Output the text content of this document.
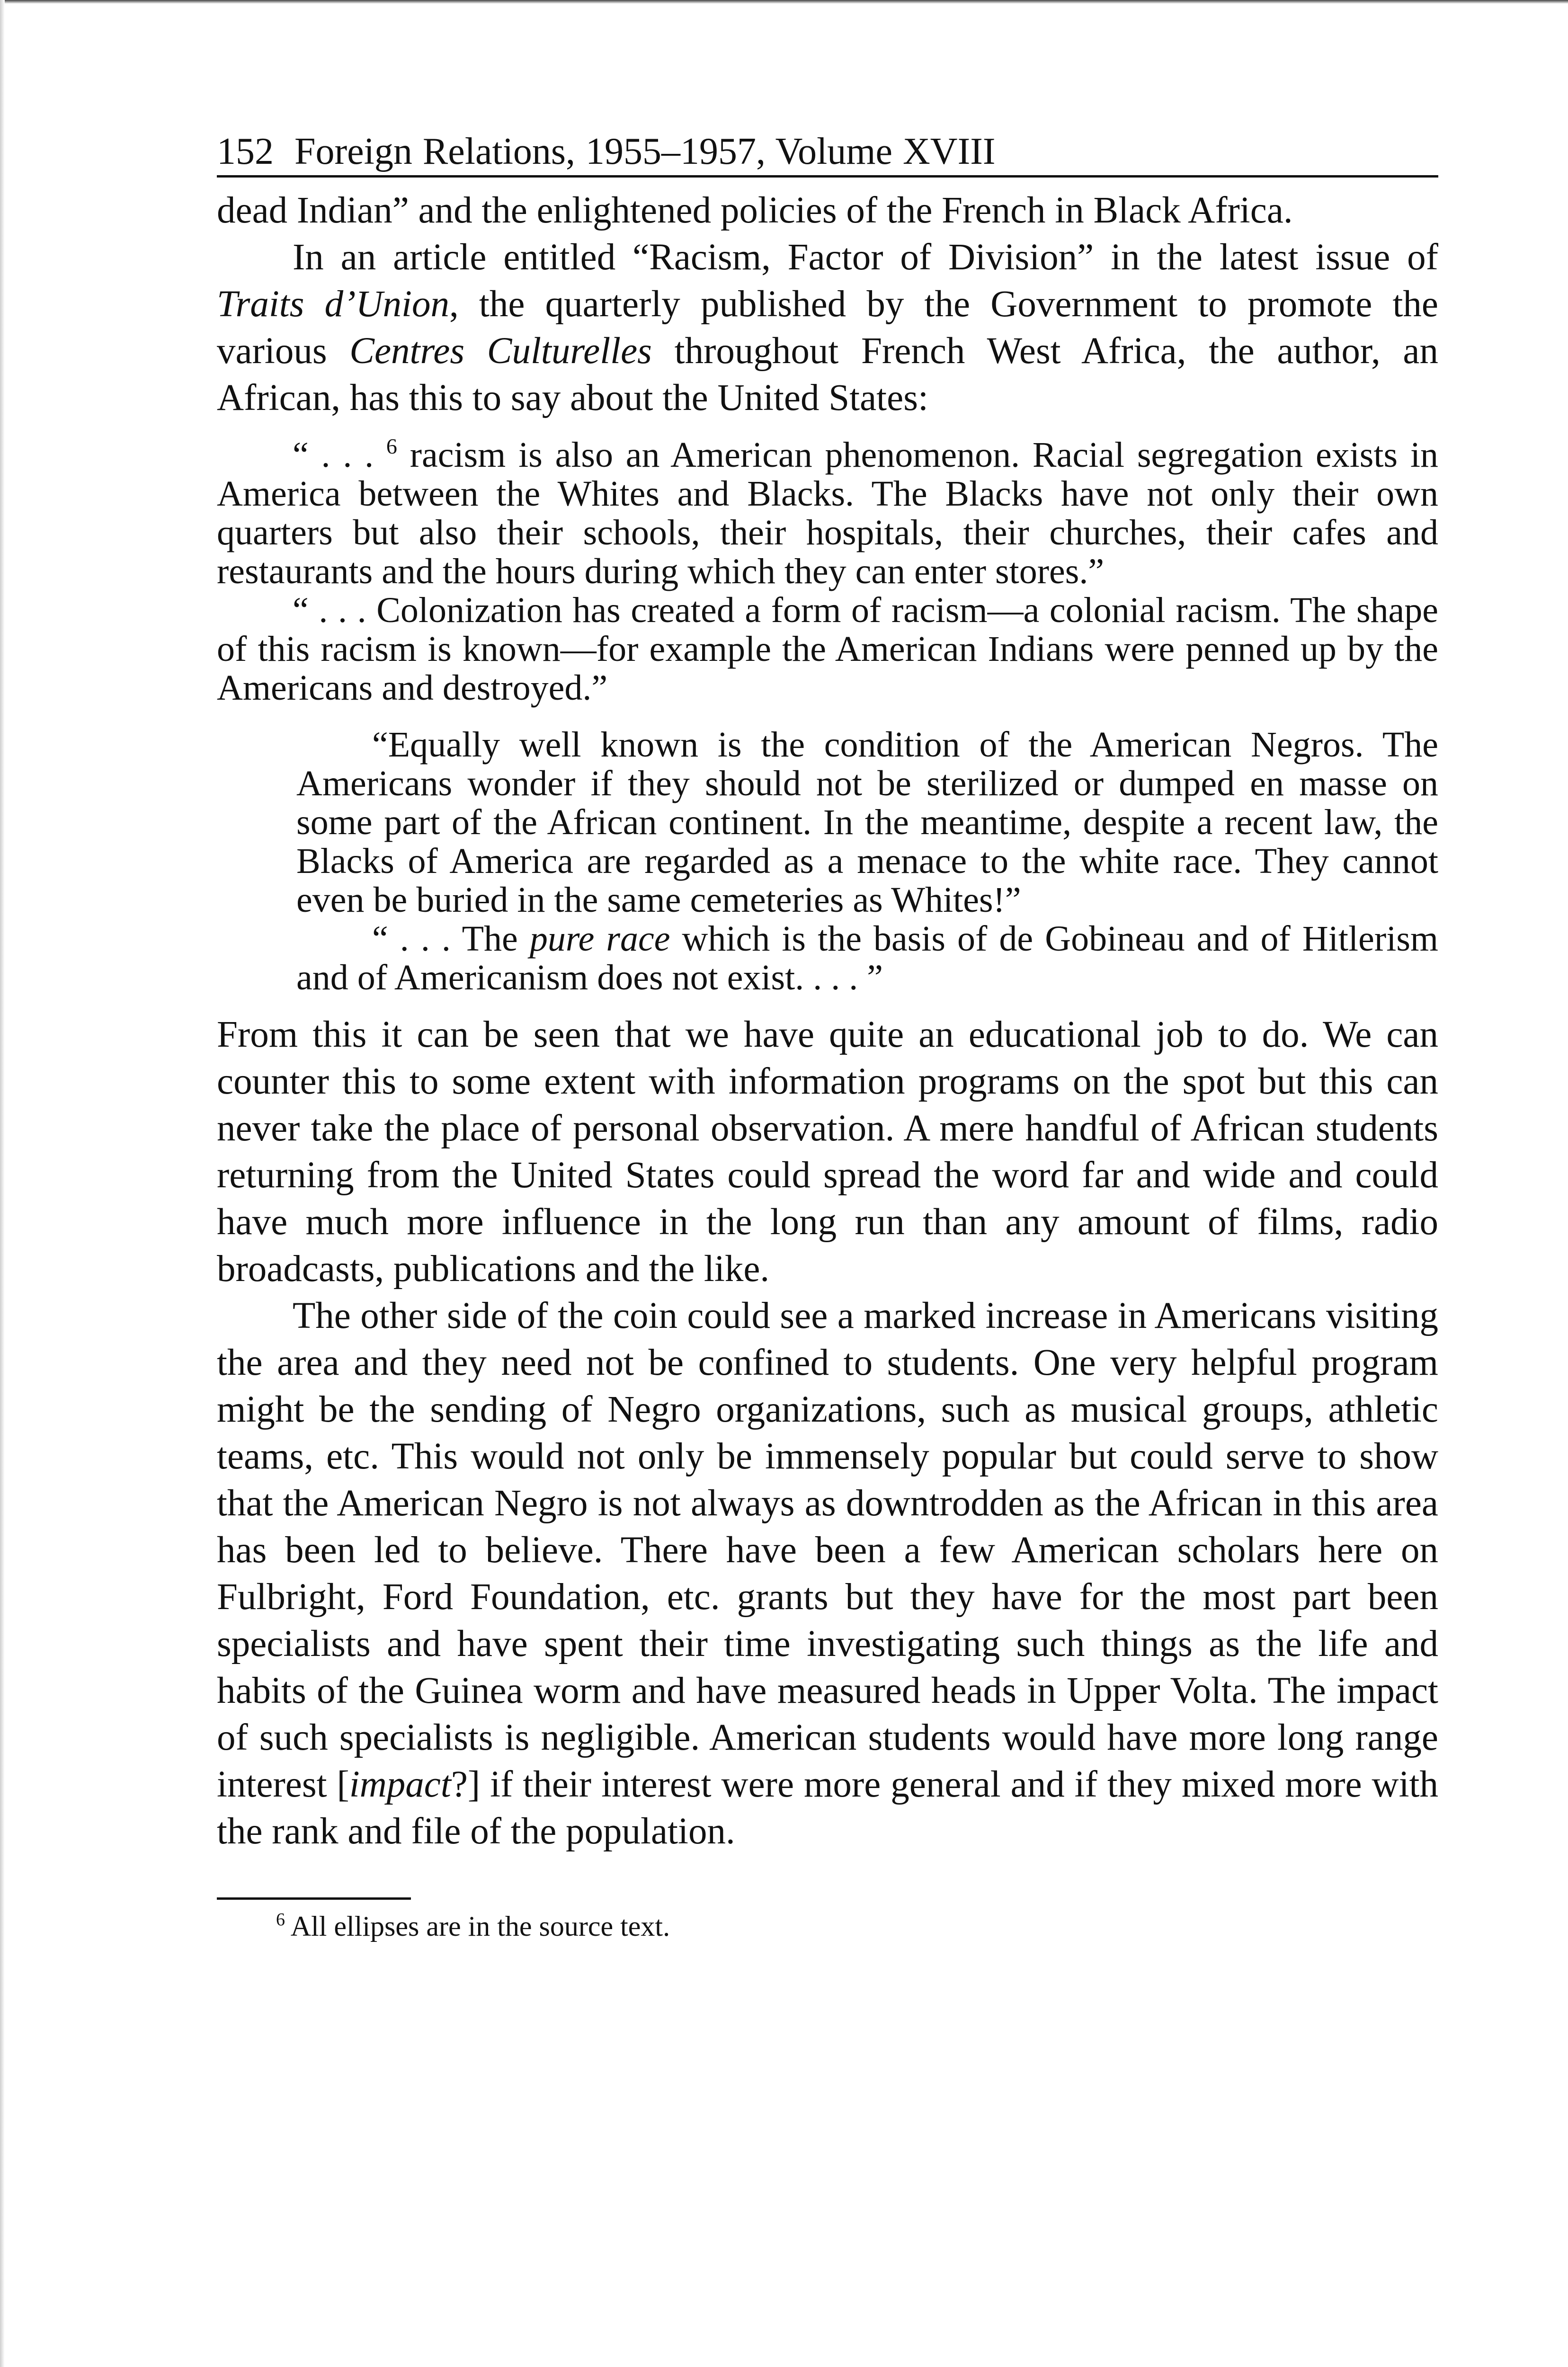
152 Foreign Relations, 1955–1957, Volume XVIII

dead Indian” and the enlightened policies of the French in Black Africa.

In an article entitled “Racism, Factor of Division” in the latest issue of Traits d’Union, the quarterly published by the Government to promote the various Centres Culturelles throughout French West Africa, the author, an African, has this to say about the United States:

“ . . . $^6$ racism is also an American phenomenon. Racial segregation exists in America between the Whites and Blacks. The Blacks have not only their own quarters but also their schools, their hospitals, their churches, their cafes and restaurants and the hours during which they can enter stores.”

“ . . . Colonization has created a form of racism—a colonial racism. The shape of this racism is known—for example the American Indians were penned up by the Americans and destroyed.”

“Equally well known is the condition of the American Negros. The Americans wonder if they should not be sterilized or dumped en masse on some part of the African continent. In the meantime, despite a recent law, the Blacks of America are regarded as a menace to the white race. They cannot even be buried in the same cemeteries as Whites!”

“ . . . The pure race which is the basis of de Gobineau and of Hitlerism and of Americanism does not exist. . . . ”

From this it can be seen that we have quite an educational job to do. We can counter this to some extent with information programs on the spot but this can never take the place of personal observation. A mere handful of African students returning from the United States could spread the word far and wide and could have much more influence in the long run than any amount of films, radio broadcasts, publications and the like.

The other side of the coin could see a marked increase in Americans visiting the area and they need not be confined to students. One very helpful program might be the sending of Negro organizations, such as musical groups, athletic teams, etc. This would not only be immensely popular but could serve to show that the American Negro is not always as downtrodden as the African in this area has been led to believe. There have been a few American scholars here on Fulbright, Ford Foundation, etc. grants but they have for the most part been specialists and have spent their time investigating such things as the life and habits of the Guinea worm and have measured heads in Upper Volta. The impact of such specialists is negligible. American students would have more long range interest [impact?] if their interest were more general and if they mixed more with the rank and file of the population.

$^6$ All ellipses are in the source text.
